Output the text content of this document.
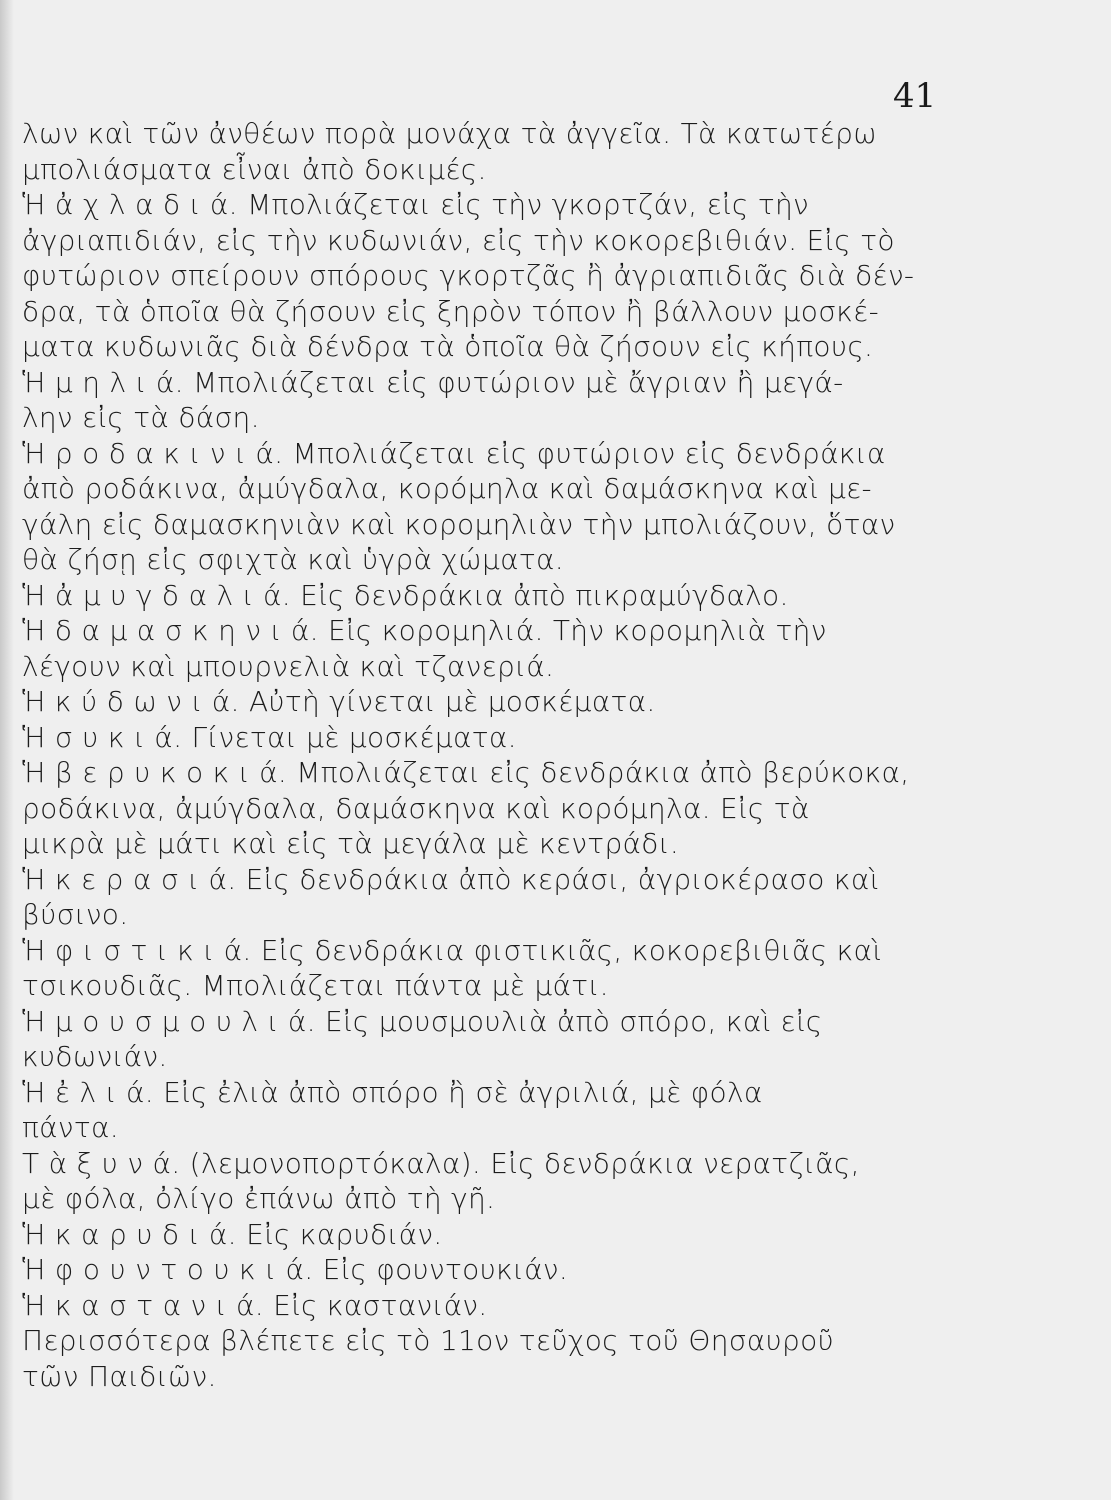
41
λων καὶ τῶν ἀνθέων πορὰ μονάχα τὰ ἀγγεῖα. Τὰ κατωτέρω
μπολιάσματα εἶναι ἀπὸ δοκιμές.
Ἡ ἀ χ λ α δ ι ά. Μπολιάζεται εἰς τὴν γκορτζάν, εἰς τὴν
ἀγριαπιδιάν, εἰς τὴν κυδωνιάν, εἰς τὴν κοκορεβιθιάν. Εἰς τὸ
φυτώριον σπείρουν σπόρους γκορτζᾶς ἢ ἀγριαπιδιᾶς διὰ δέν-
δρα, τὰ ὁποῖα θὰ ζήσουν εἰς ξηρὸν τόπον ἢ βάλλουν μοσκέ-
ματα κυδωνιᾶς διὰ δένδρα τὰ ὁποῖα θὰ ζήσουν εἰς κήπους.
Ἡ μ η λ ι ά. Μπολιάζεται εἰς φυτώριον μὲ ἄγριαν ἢ μεγά-
λην εἰς τὰ δάση.
Ἡ ρ ο δ α κ ι ν ι ά. Μπολιάζεται εἰς φυτώριον εἰς δενδράκια
ἀπὸ ροδάκινα, ἀμύγδαλα, κορόμηλα καὶ δαμάσκηνα καὶ με-
γάλη εἰς δαμασκηνιὰν καὶ κορομηλιὰν τὴν μπολιάζουν, ὅταν
θὰ ζήσῃ εἰς σφιχτὰ καὶ ὑγρὰ χώματα.
Ἡ ἀ μ υ γ δ α λ ι ά. Εἰς δενδράκια ἀπὸ πικραμύγδαλο.
Ἡ δ α μ α σ κ η ν ι ά. Εἰς κορομηλιά. Τὴν κορομηλιὰ τὴν
λέγουν καὶ μπουρνελιὰ καὶ τζανεριά.
Ἡ κ ύ δ ω ν ι ά. Αὐτὴ γίνεται μὲ μοσκέματα.
Ἡ σ υ κ ι ά. Γίνεται μὲ μοσκέματα.
Ἡ β ε ρ υ κ ο κ ι ά. Μπολιάζεται εἰς δενδράκια ἀπὸ βερύκοκα,
ροδάκινα, ἀμύγδαλα, δαμάσκηνα καὶ κορόμηλα. Εἰς τὰ
μικρὰ μὲ μάτι καὶ εἰς τὰ μεγάλα μὲ κεντράδι.
Ἡ κ ε ρ α σ ι ά. Εἰς δενδράκια ἀπὸ κεράσι, ἀγριοκέρασο καὶ
βύσινο.
Ἡ φ ι σ τ ι κ ι ά. Εἰς δενδράκια φιστικιᾶς, κοκορεβιθιᾶς καὶ
τσικουδιᾶς. Μπολιάζεται πάντα μὲ μάτι.
Ἡ μ ο υ σ μ ο υ λ ι ά. Εἰς μουσμουλιὰ ἀπὸ σπόρο, καὶ εἰς
κυδωνιάν.
Ἡ ἐ λ ι ά. Εἰς ἐλιὰ ἀπὸ σπόρο ἢ σὲ ἀγριλιά, μὲ φόλα
πάντα.
Τ ὰ ξ υ ν ά. (λεμονοπορτόκαλα). Εἰς δενδράκια νερατζιᾶς,
μὲ φόλα, ὀλίγο ἐπάνω ἀπὸ τὴ γῆ.
Ἡ κ α ρ υ δ ι ά. Εἰς καρυδιάν.
Ἡ φ ο υ ν τ ο υ κ ι ά. Εἰς φουντουκιάν.
Ἡ κ α σ τ α ν ι ά. Εἰς καστανιάν.
Περισσότερα βλέπετε εἰς τὸ 11ον τεῦχος τοῦ Θησαυροῦ
τῶν Παιδιῶν.
